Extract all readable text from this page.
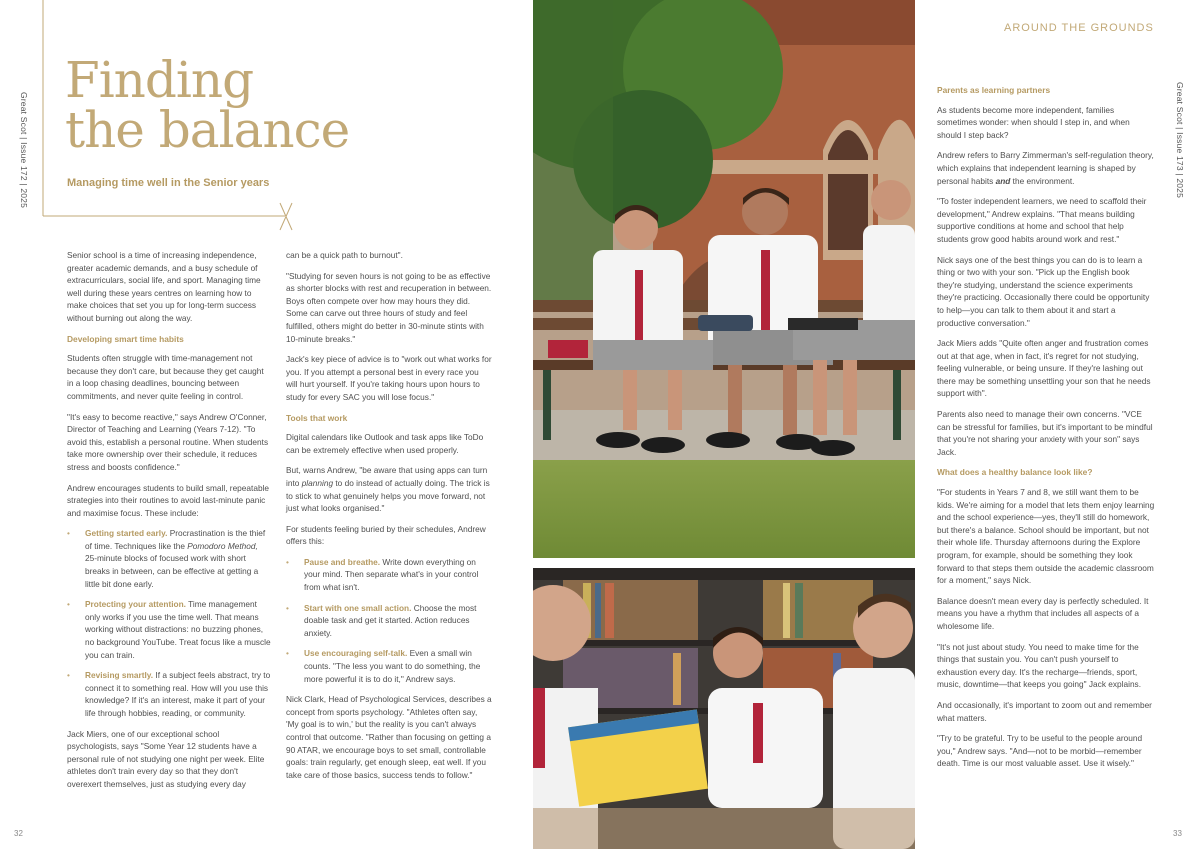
Great Scot | Issue 172 | 2025
Finding
the balance
Managing time well in the Senior years

Senior school is a time of increasing independence, greater academic demands, and a busy schedule of extracurriculars, social life, and sport. Managing time well during these years centres on learning how to make choices that set you up for long-term success without burning out along the way.

Developing smart time habits

Students often struggle with time-management not because they don't care, but because they get caught in a loop chasing deadlines, bouncing between commitments, and never quite feeling in control.

"It's easy to become reactive," says Andrew O'Conner, Director of Teaching and Learning (Years 7-12). "To avoid this, establish a personal routine. When students take more ownership over their schedule, it reduces stress and boosts confidence."

Andrew encourages students to build small, repeatable strategies into their routines to avoid last-minute panic and maximise focus. These include:

• Getting started early. Procrastination is the thief of time. Techniques like the Pomodoro Method, 25-minute blocks of focused work with short breaks in between, can be effective at getting a little bit done early.
• Protecting your attention. Time management only works if you use the time well. That means working without distractions: no buzzing phones, no background YouTube. Treat focus like a muscle you can train.
• Revising smartly. If a subject feels abstract, try to connect it to something real. How will you use this knowledge? If it's an interest, make it part of your life through hobbies, reading, or community.

Jack Miers, one of our exceptional school psychologists, says "Some Year 12 students have a personal rule of not studying one night per week. Elite athletes don't train every day so that they don't overexert themselves, just as studying every day

can be a quick path to burnout".

"Studying for seven hours is not going to be as effective as shorter blocks with rest and recuperation in between. Boys often compete over how may hours they did. Some can carve out three hours of study and feel fulfilled, others might do better in 30-minute stints with 10-minute breaks."

Jack's key piece of advice is to "work out what works for you. If you attempt a personal best in every race you will hurt yourself. If you're taking hours upon hours to study for every SAC you will lose focus."

Tools that work

Digital calendars like Outlook and task apps like ToDo can be extremely effective when used properly.

But, warns Andrew, "be aware that using apps can turn into planning to do instead of actually doing. The trick is to stick to what genuinely helps you move forward, not just what looks organised."

For students feeling buried by their schedules, Andrew offers this:

• Pause and breathe. Write down everything on your mind. Then separate what's in your control from what isn't.
• Start with one small action. Choose the most doable task and get it started. Action reduces anxiety.
• Use encouraging self-talk. Even a small win counts. "The less you want to do something, the more powerful it is to do it," Andrew says.

Nick Clark, Head of Psychological Services, describes a concept from sports psychology. "Athletes often say, 'My goal is to win,' but the reality is you can't always control that outcome. "Rather than focusing on getting a 90 ATAR, we encourage boys to set small, controllable goals: train regularly, get enough sleep, eat well. If you take care of those basics, success tends to follow."

32
AROUND THE GROUNDS
Great Scot | Issue 173 | 2025
Parents as learning partners

As students become more independent, families sometimes wonder: when should I step in, and when should I step back?

Andrew refers to Barry Zimmerman's self-regulation theory, which explains that independent learning is shaped by personal habits and the environment.

"To foster independent learners, we need to scaffold their development," Andrew explains. "That means building supportive conditions at home and school that help students grow good habits around work and rest."

Nick says one of the best things you can do is to learn a thing or two with your son. "Pick up the English book they're studying, understand the science experiments they're practicing. Occasionally there could be opportunity to help—you can talk to them about it and start a productive conversation."

Jack Miers adds "Quite often anger and frustration comes out at that age, when in fact, it's regret for not studying, feeling vulnerable, or being unsure. If they're lashing out there may be something unsettling your son that he needs support with".

Parents also need to manage their own concerns. "VCE can be stressful for families, but it's important to be mindful that you're not sharing your anxiety with your son" says Jack.

What does a healthy balance look like?

"For students in Years 7 and 8, we still want them to be kids. We're aiming for a model that lets them enjoy learning and the school experience—yes, they'll still do homework, but there's a balance. School should be important, but not their whole life. Thursday afternoons during the Explore program, for example, should be something they look forward to that steps them outside the academic classroom for a moment," says Nick.

Balance doesn't mean every day is perfectly scheduled. It means you have a rhythm that includes all aspects of a wholesome life.

"It's not just about study. You need to make time for the things that sustain you. You can't push yourself to exhaustion every day. It's the recharge—friends, sport, music, downtime—that keeps you going" Jack explains.

And occasionally, it's important to zoom out and remember what matters.

"Try to be grateful. Try to be useful to the people around you," Andrew says. "And—not to be morbid—remember death. Time is our most valuable asset. Use it wisely."

33
